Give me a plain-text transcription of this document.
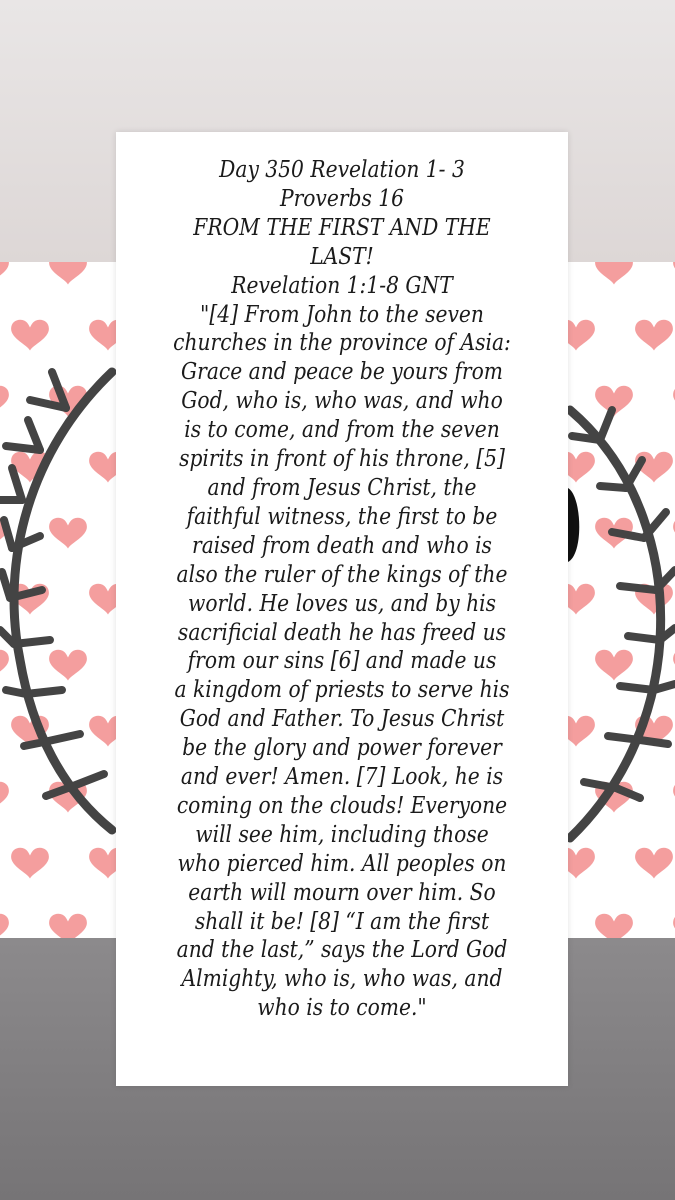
Day 350 Revelation 1- 3
Proverbs 16
FROM THE FIRST AND THE
LAST!
Revelation 1:1-8 GNT
"[4] From John to the seven
churches in the province of Asia:
Grace and peace be yours from
God, who is, who was, and who
is to come, and from the seven
spirits in front of his throne, [5]
and from Jesus Christ, the
faithful witness, the first to be
raised from death and who is
also the ruler of the kings of the
world. He loves us, and by his
sacrificial death he has freed us
from our sins [6] and made us
a kingdom of priests to serve his
God and Father. To Jesus Christ
be the glory and power forever
and ever! Amen. [7] Look, he is
coming on the clouds! Everyone
will see him, including those
who pierced him. All peoples on
earth will mourn over him. So
shall it be! [8] “I am the first
and the last,” says the Lord God
Almighty, who is, who was, and
who is to come."
